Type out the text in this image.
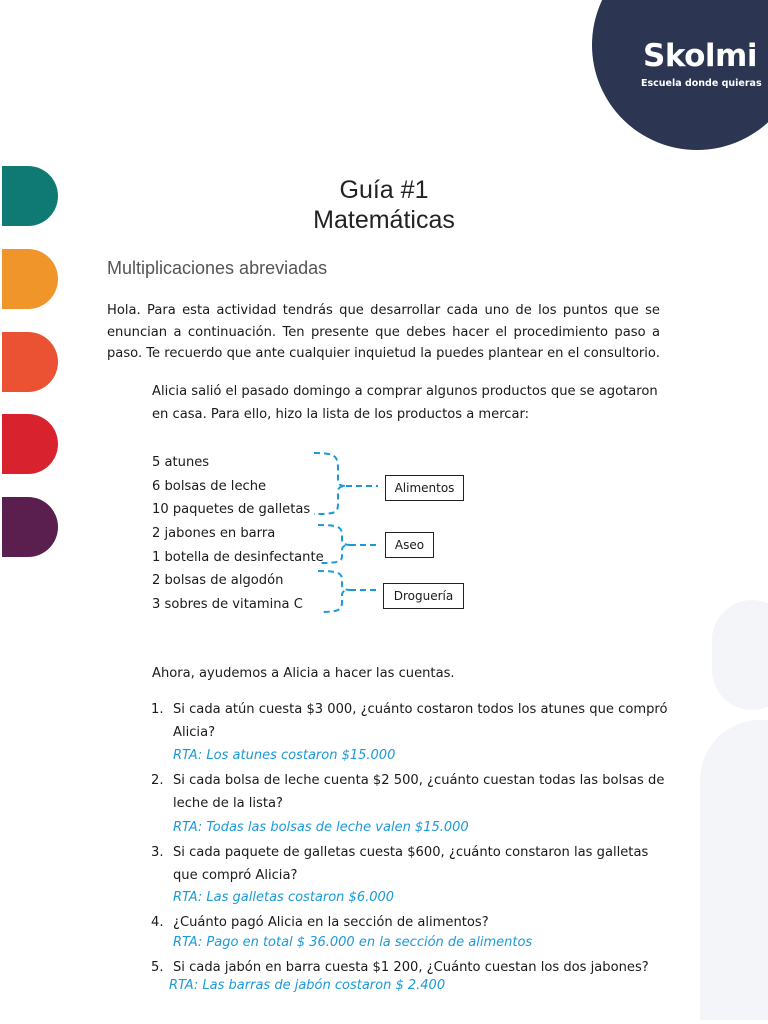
Skolmi
Escuela donde quieras
Guía #1
Matemáticas
Multiplicaciones abreviadas
Hola. Para esta actividad tendrás que desarrollar cada uno de los puntos que se enuncian a continuación. Ten presente que debes hacer el procedimiento paso a paso. Te recuerdo que ante cualquier inquietud la puedes plantear en el consultorio.
Alicia salió el pasado domingo a comprar algunos productos que se agotaron en casa. Para ello, hizo la lista de los productos a mercar:
5 atunes
6 bolsas de leche
10 paquetes de galletas
2 jabones en barra
1 botella de desinfectante
2 bolsas de algodón
3 sobres de vitamina C
Alimentos
Aseo
Droguería
Ahora, ayudemos a Alicia a hacer las cuentas.
1. Si cada atún cuesta $3 000, ¿cuánto costaron todos los atunes que compró Alicia?
RTA: Los atunes costaron $15.000
2. Si cada bolsa de leche cuenta $2 500, ¿cuánto cuestan todas las bolsas de leche de la lista?
RTA: Todas las bolsas de leche valen $15.000
3. Si cada paquete de galletas cuesta $600, ¿cuánto constaron las galletas que compró Alicia?
RTA: Las galletas costaron $6.000
4. ¿Cuánto pagó Alicia en la sección de alimentos?
RTA: Pago en total $ 36.000 en la sección de alimentos
5. Si cada jabón en barra cuesta $1 200, ¿Cuánto cuestan los dos jabones?
RTA: Las barras de jabón costaron $ 2.400
